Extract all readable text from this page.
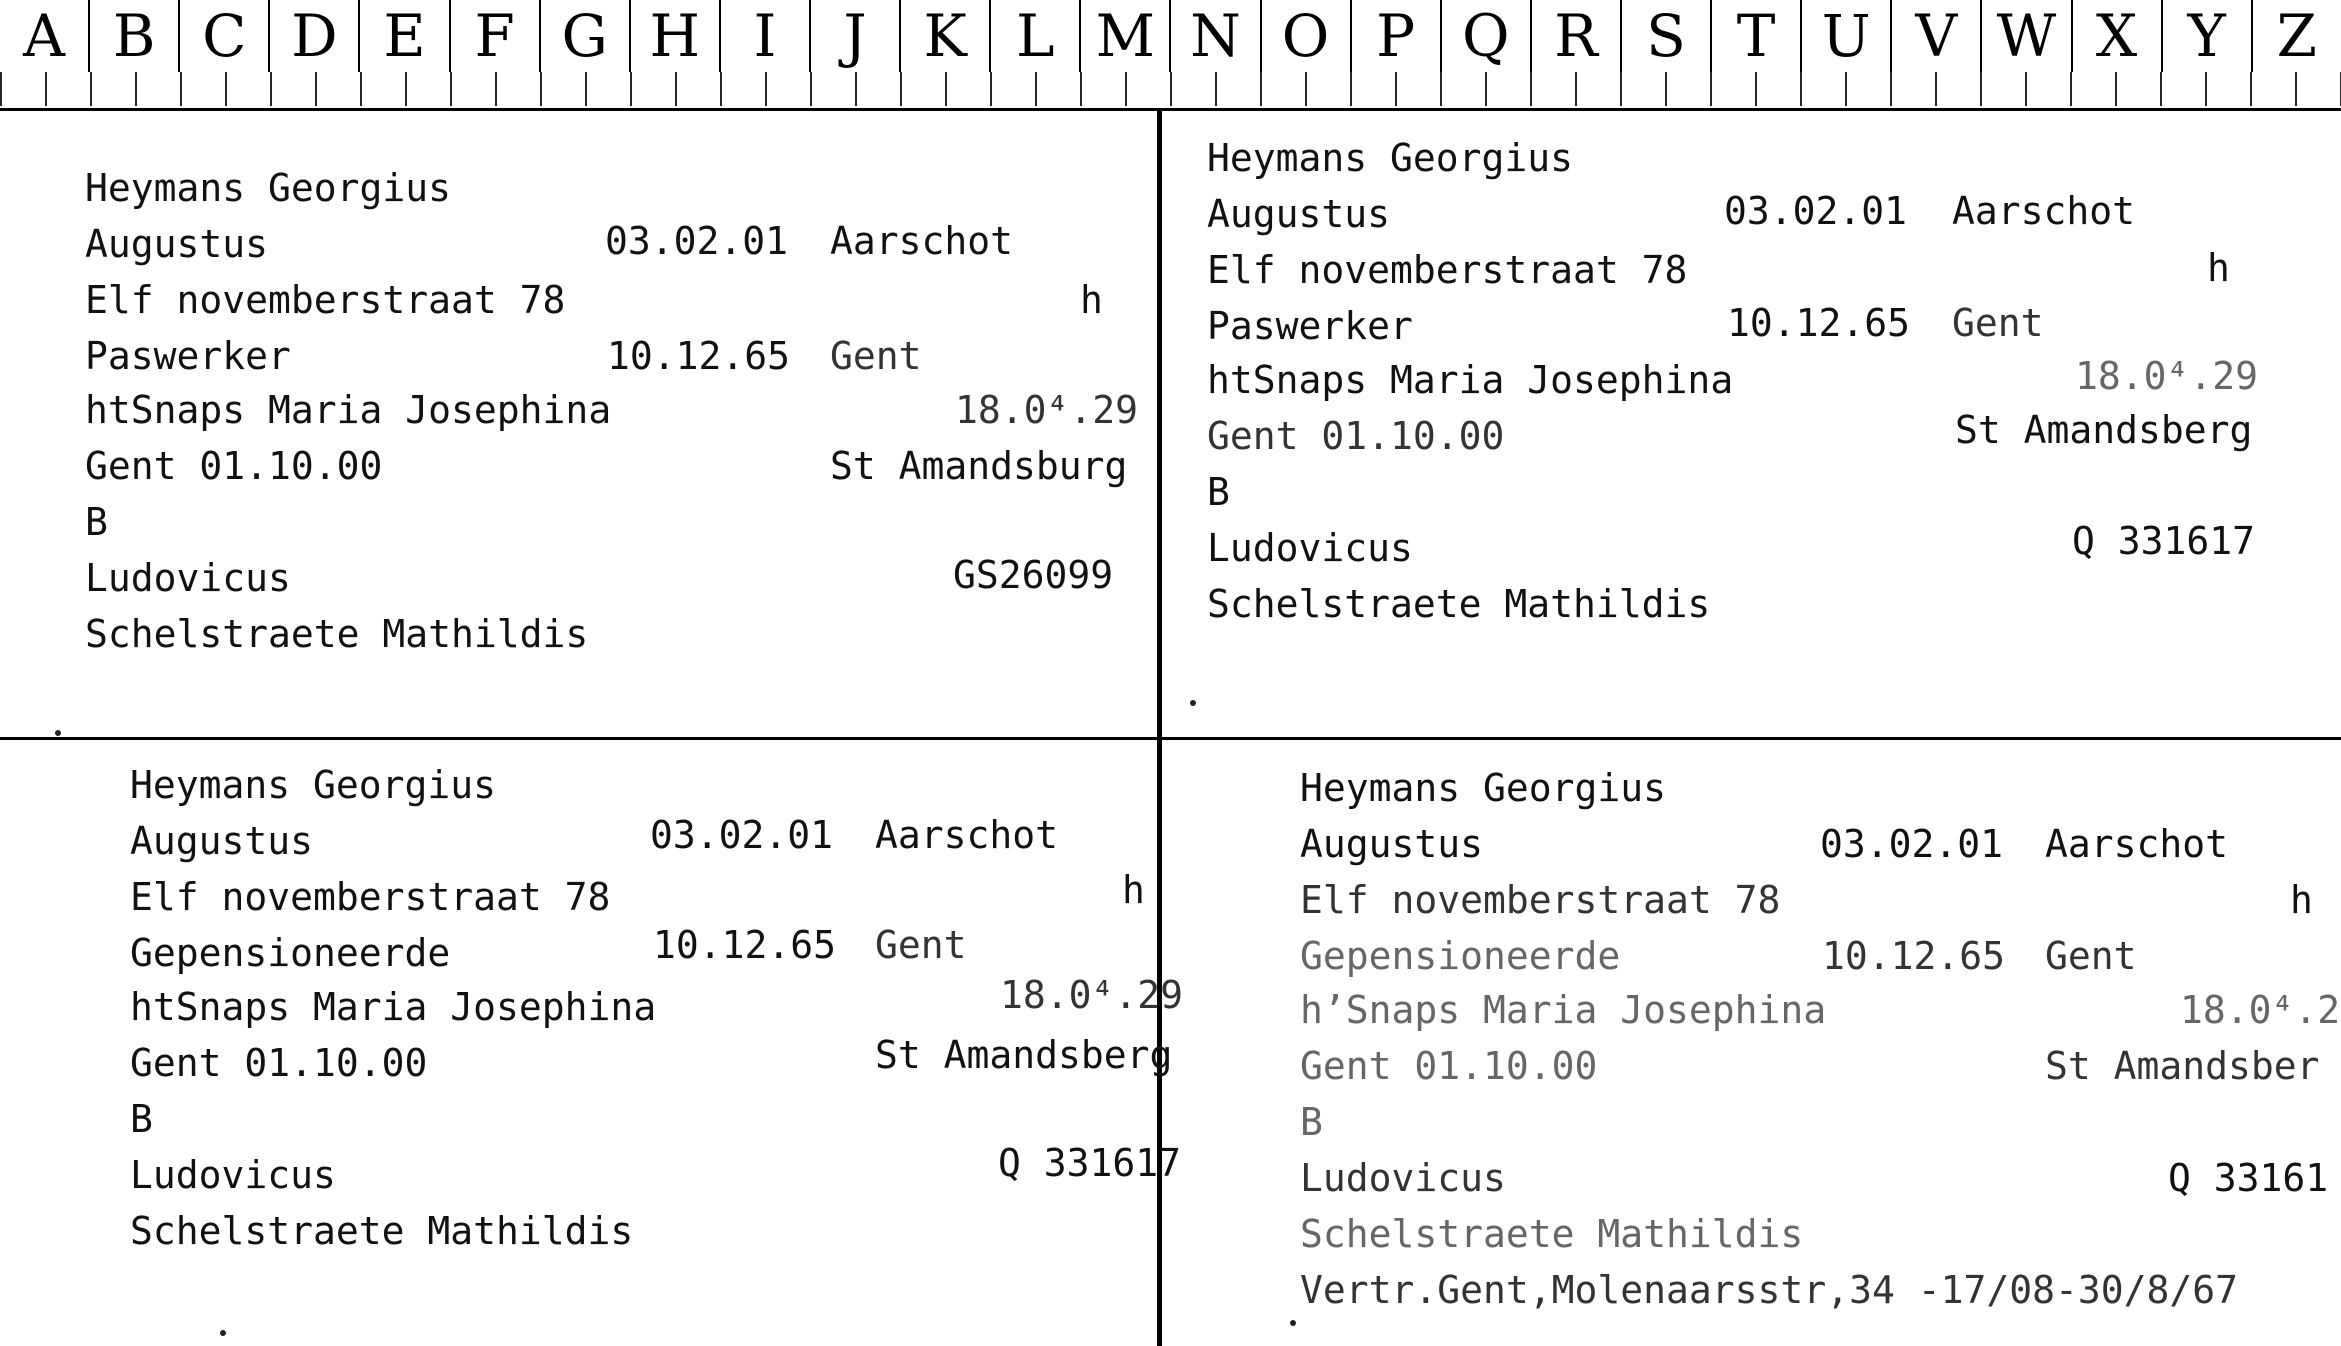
A B C D E F G H I	J K L M N O P Q R S T U V W X Y Z
Heymans Georgius
Augustus	03.02.01 Aarschot
Elf novemberstraat 78	h
Paswerker	10.12.65 Gent
htSnaps Maria Josephina	18.0⁴.29
Gent 01.10.00	St Amandsburg
B
Ludovicus	GS26099
Schelstraete Mathildis
Heymans Georgius
Augustus	03.02.01 Aarschot
Elf novemberstraat 78	h
Paswerker	10.12.65 Gent
htSnaps Maria Josephina	18.0⁴.29
Gent 01.10.00	St Amandsberg
B
Ludovicus	Q 331617
Schelstraete Mathildis
Heymans Georgius
Augustus	03.02.01 Aarschot
Elf novemberstraat 78	h
Gepensioneerde	10.12.65 Gent
htSnaps Maria Josephina	18.0⁴.29
Gent 01.10.00	St Amandsberg
B
Ludovicus	Q 331617
Schelstraete Mathildis
Heymans Georgius
Augustus	03.02.01 Aarschot
Elf novemberstraat 78	h
Gepensioneerde	10.12.65 Gent
h’Snaps Maria Josephina	18.0⁴.2
Gent 01.10.00	St Amandsber
B
Ludovicus	Q 33161
Schelstraete Mathildis
Vertr.Gent,Molenaarsstr,34 -17/08-30/8/67
